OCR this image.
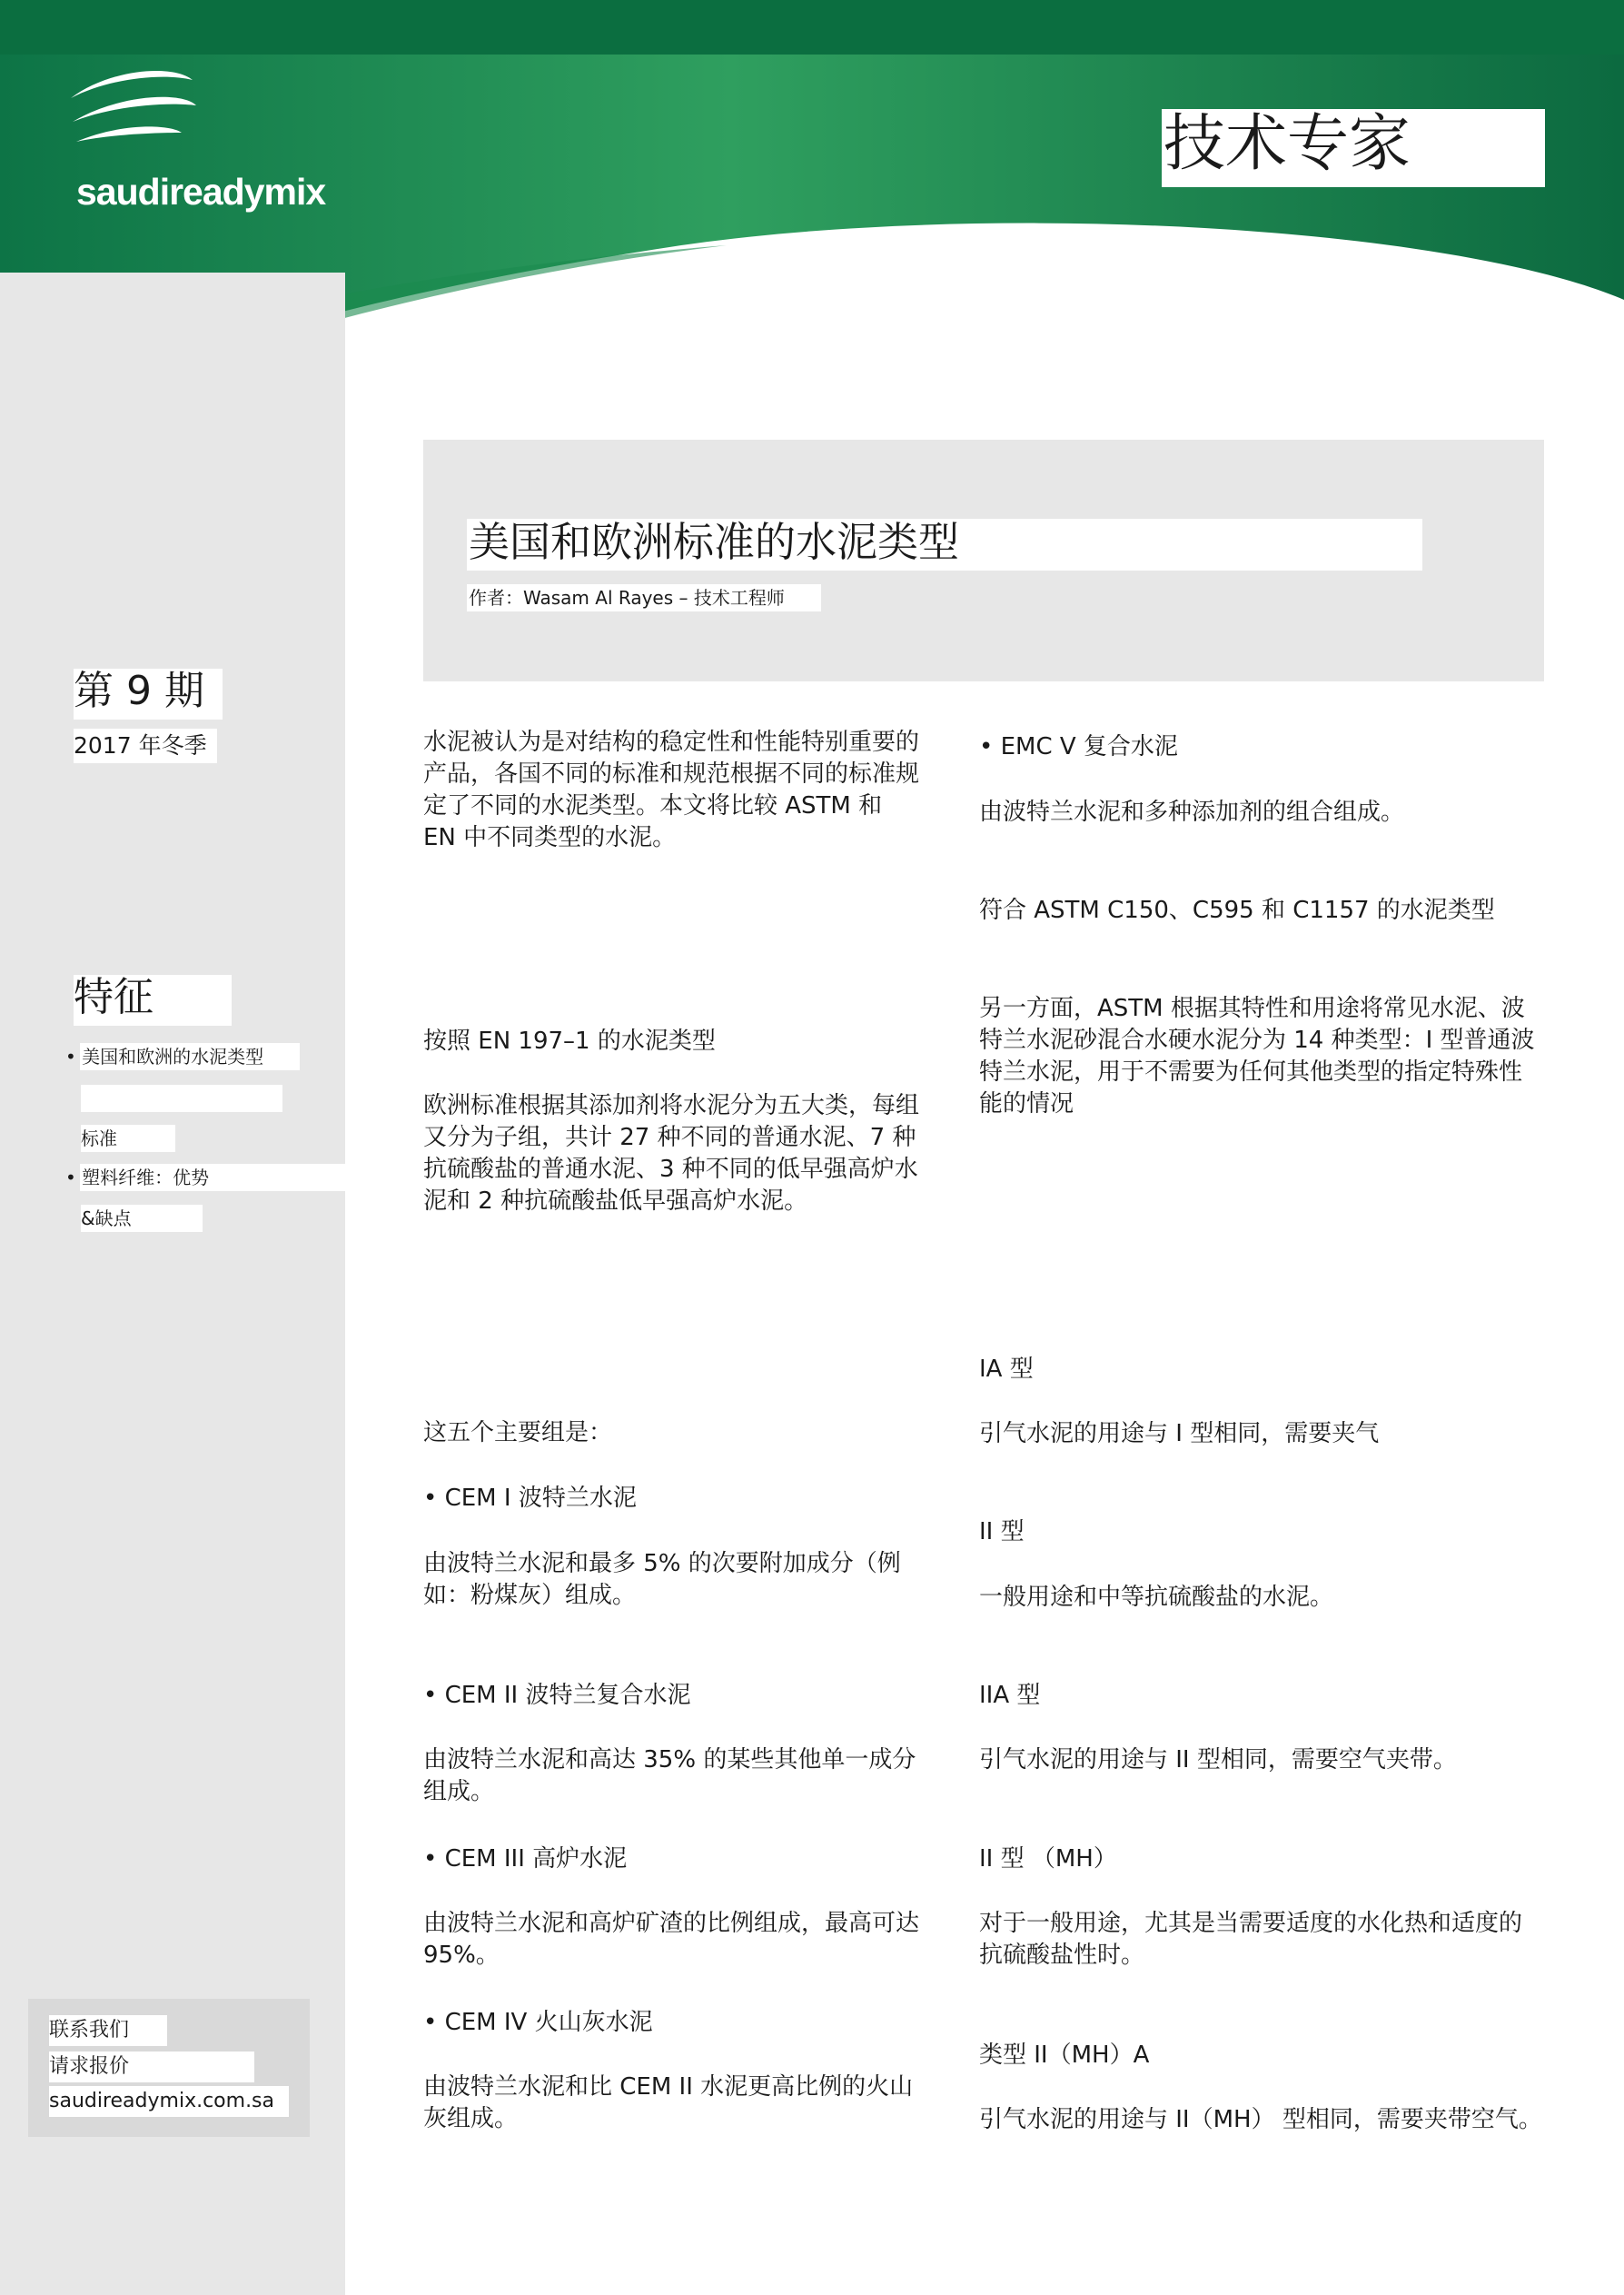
saudireadymix
技术专家
美国和欧洲标准的水泥类型
作者：Wasam Al Rayes – 技术工程师
第 9 期
2017 年冬季
特征
• 美国和欧洲的水泥类型
标准
• 塑料纤维：优势
&缺点
联系我们
请求报价
saudireadymix.com.sa

水泥被认为是对结构的稳定性和性能特别重要的产品，各国不同的标准和规范根据不同的标准规定了不同的水泥类型。本文将比较 ASTM 和 EN 中不同类型的水泥。

按照 EN 197–1 的水泥类型

欧洲标准根据其添加剂将水泥分为五大类，每组又分为子组，共计 27 种不同的普通水泥、7 种抗硫酸盐的普通水泥、3 种不同的低早强高炉水泥和 2 种抗硫酸盐低早强高炉水泥。

这五个主要组是：

• CEM I 波特兰水泥

由波特兰水泥和最多 5% 的次要附加成分（例如：粉煤灰）组成。

• CEM II 波特兰复合水泥

由波特兰水泥和高达 35% 的某些其他单一成分组成。

• CEM III 高炉水泥

由波特兰水泥和高炉矿渣的比例组成，最高可达 95%。

• CEM IV 火山灰水泥

由波特兰水泥和比 CEM II 水泥更高比例的火山灰组成。

• EMC V 复合水泥

由波特兰水泥和多种添加剂的组合组成。

符合 ASTM C150、C595 和 C1157 的水泥类型

另一方面，ASTM 根据其特性和用途将常见水泥、波特兰水泥砂混合水硬水泥分为 14 种类型：I 型普通波特兰水泥，用于不需要为任何其他类型的指定特殊性能的情况

IA 型

引气水泥的用途与 I 型相同，需要夹气

II 型

一般用途和中等抗硫酸盐的水泥。

IIA 型

引气水泥的用途与 II 型相同，需要空气夹带。

II 型 （MH）

对于一般用途，尤其是当需要适度的水化热和适度的抗硫酸盐性时。

类型 II（MH）A

引气水泥的用途与 II（MH） 型相同，需要夹带空气。
